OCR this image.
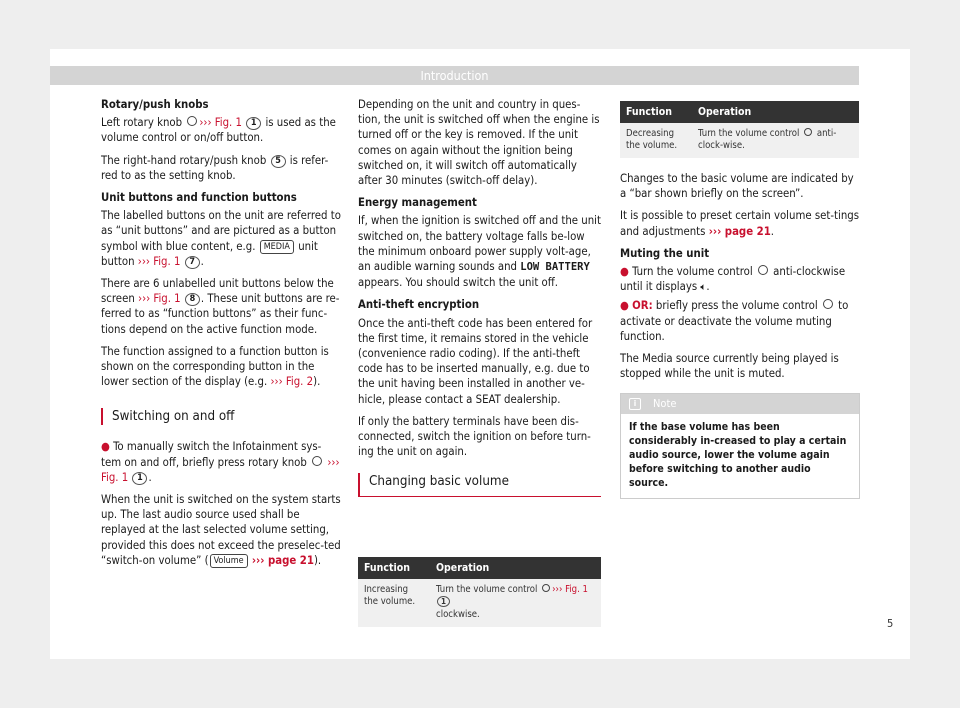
Introduction

Rotary/push knobs

Left rotary knob ››› Fig. 1 1 is used as the volume control or on/off button.

The right-hand rotary/push knob 5 is refer-red to as the setting knob.

Unit buttons and function buttons

The labelled buttons on the unit are referred to as “unit buttons” and are pictured as a button symbol with blue content, e.g. MEDIA unit button ››› Fig. 1 7 .

There are 6 unlabelled unit buttons below the screen ››› Fig. 1 8 . These unit buttons are re-ferred to as “function buttons” as their func-tions depend on the active function mode.

The function assigned to a function button is shown on the corresponding button in the lower section of the display (e.g. ››› Fig. 2).

Switching on and off

● To manually switch the Infotainment sys-tem on and off, briefly press rotary knob ››› Fig. 1 1 .

When the unit is switched on the system starts up. The last audio source used shall be replayed at the last selected volume setting, provided this does not exceed the preselec-ted “switch-on volume” ( Volume ››› page 21).

Depending on the unit and country in ques-tion, the unit is switched off when the engine is turned off or the key is removed. If the unit comes on again without the ignition being switched on, it will switch off automatically after 30 minutes (switch-off delay).

Energy management

If, when the ignition is switched off and the unit switched on, the battery voltage falls be-low the minimum onboard power supply volt-age, an audible warning sounds and LOW BATTERY appears. You should switch the unit off.

Anti-theft encryption

Once the anti-theft code has been entered for the first time, it remains stored in the vehicle (convenience radio coding). If the anti-theft code has to be inserted manually, e.g. due to the unit having been installed in another ve-hicle, please contact a SEAT dealership.

If only the battery terminals have been dis-connected, switch the ignition on before turn-ing the unit on again.

Changing basic volume
Function	Operation
Increasing the volume.	Turn the volume control ››› Fig. 1 1
clockwise.
Function	Operation
Decreasing the volume.	Turn the volume control anti-clock-wise.

Changes to the basic volume are indicated by a “bar shown briefly on the screen”.

It is possible to preset certain volume set-tings and adjustments ››› page 21.

Muting the unit

● Turn the volume control anti-clockwise until it displays 🔈︎.

● OR: briefly press the volume control to activate or deactivate the volume muting function.

The Media source currently being played is stopped while the unit is muted.

i Note
If the base volume has been considerably in-creased to play a certain audio source, lower the volume again before switching to another audio source.
5
